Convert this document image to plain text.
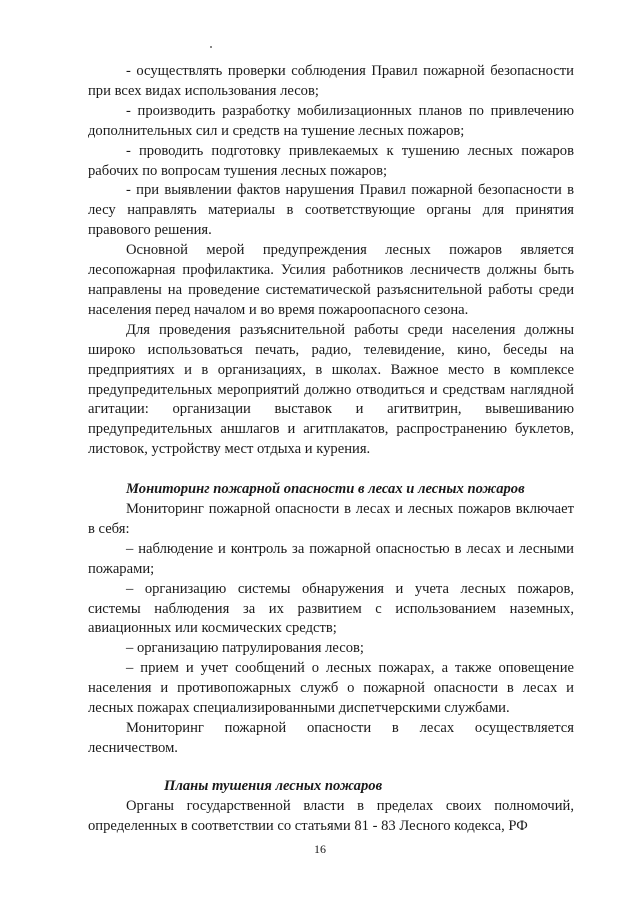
- осуществлять проверки соблюдения Правил пожарной безопасности при всех видах использования лесов;

- производить разработку мобилизационных планов по привлечению дополнительных сил и средств на тушение лесных пожаров;

- проводить подготовку привлекаемых к тушению лесных пожаров рабочих по вопросам тушения лесных пожаров;

- при выявлении фактов нарушения Правил пожарной безопасности в лесу направлять материалы в соответствующие органы для принятия правового решения.

Основной мерой предупреждения лесных пожаров является лесопожарная профилактика. Усилия работников лесничеств должны быть направлены на проведение систематической разъяснительной работы среди населения перед началом и во время пожароопасного сезона.

Для проведения разъяснительной работы среди населения должны широко использоваться печать, радио, телевидение, кино, беседы на предприятиях и в организациях, в школах. Важное место в комплексе предупредительных мероприятий должно отводиться и средствам наглядной агитации: организации выставок и агитвитрин, вывешиванию предупредительных аншлагов и агитплакатов, распространению буклетов, листовок, устройству мест отдыха и курения.

Мониторинг пожарной опасности в лесах и лесных пожаров

Мониторинг пожарной опасности в лесах и лесных пожаров включает в себя:

– наблюдение и контроль за пожарной опасностью в лесах и лесными пожарами;

– организацию системы обнаружения и учета лесных пожаров, системы наблюдения за их развитием с использованием наземных, авиационных или космических средств;

– организацию патрулирования лесов;

– прием и учет сообщений о лесных пожарах, а также оповещение населения и противопожарных служб о пожарной опасности в лесах и лесных пожарах специализированными диспетчерскими службами.

Мониторинг пожарной опасности в лесах осуществляется лесничеством.

Планы тушения лесных пожаров

Органы государственной власти в пределах своих полномочий, определенных в соответствии со статьями 81 - 83 Лесного кодекса, РФ

16
